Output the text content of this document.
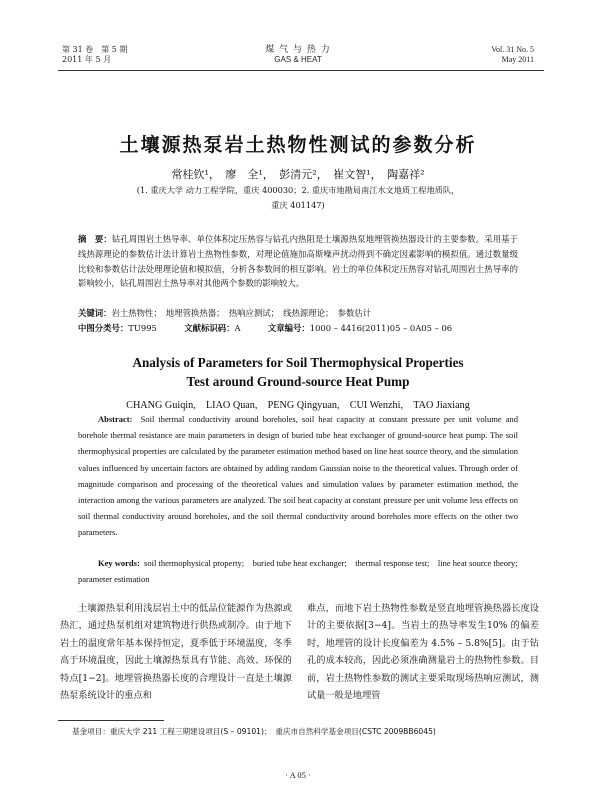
第 31 卷　第 5 期
2011 年 5 月
煤 气 与 热 力
GAS & HEAT
Vol. 31 No. 5
May 2011
土壤源热泵岩土热物性测试的参数分析
常桂钦¹，　廖　全¹，　彭清元²，　崔文智¹，　陶嘉祥²
(1. 重庆大学 动力工程学院，重庆 400030；2. 重庆市地勘局南江水文地质工程地质队，
重庆 401147)
摘　要：钻孔周围岩土热导率、单位体积定压热容与钻孔内热阻是土壤源热泵地埋管换热器设计的主要参数。采用基于线热源理论的参数估计法计算岩土热物性参数，对理论值施加高斯噪声扰动得到不确定因素影响的模拟值。通过数量级比较和参数估计法处理理论值和模拟值，分析各参数间的相互影响。岩土的单位体积定压热容对钻孔周围岩土热导率的影响较小，钻孔周围岩土热导率对其他两个参数的影响较大。
关键词：岩土热物性；　地埋管换热器；　热响应测试；　线热源理论；　参数估计
中图分类号：TU995	文献标识码：A	文章编号：1000 – 4416(2011)05 – 0A05 – 06
Analysis of Parameters for Soil Thermophysical Properties
Test around Ground-source Heat Pump
CHANG Guiqin,　LIAO Quan,　PENG Qingyuan,　CUI Wenzhi,　TAO Jiaxiang
Abstract: Soil thermal conductivity around boreholes, soil heat capacity at constant pressure per unit volume and borehole thermal resistance are main parameters in design of buried tube heat exchanger of ground-source heat pump. The soil thermophysical properties are calculated by the parameter estimation method based on line heat source theory, and the simulation values influenced by uncertain factors are obtained by adding random Gaussian noise to the theoretical values. Through order of magnitude comparison and processing of the theoretical values and simulation values by parameter estimation method, the interaction among the various parameters are analyzed. The soil heat capacity at constant pressure per unit volume less effects on soil thermal conductivity around boreholes, and the soil thermal conductivity around boreholes more effects on the other two parameters.
Key words: soil thermophysical property;　buried tube heat exchanger;　thermal response test;　line heat source theory;　parameter estimation
土壤源热泵利用浅层岩土中的低品位能源作为热源或热汇，通过热泵机组对建筑物进行供热或制冷。由于地下岩土的温度常年基本保持恒定，夏季低于环境温度，冬季高于环境温度，因此土壤源热泵具有节能、高效、环保的特点[1−2]。地埋管换热器长度的合理设计一直是土壤源热泵系统设计的重点和
难点，而地下岩土热物性参数是竖直地埋管换热器长度设计的主要依据[3−4]。当岩土的热导率发生10% 的偏差时，地埋管的设计长度偏差为 4.5% – 5.8%[5]。由于钻孔的成本较高，因此必须准确测量岩土的热物性参数。目前，岩土热物性参数的测试主要采取现场热响应测试，测试量一般是地埋管
基金项目：重庆大学 211 工程三期建设项目(S – 09101)；　重庆市自然科学基金项目(CSTC 2009BB6045)
· A 05 ·
